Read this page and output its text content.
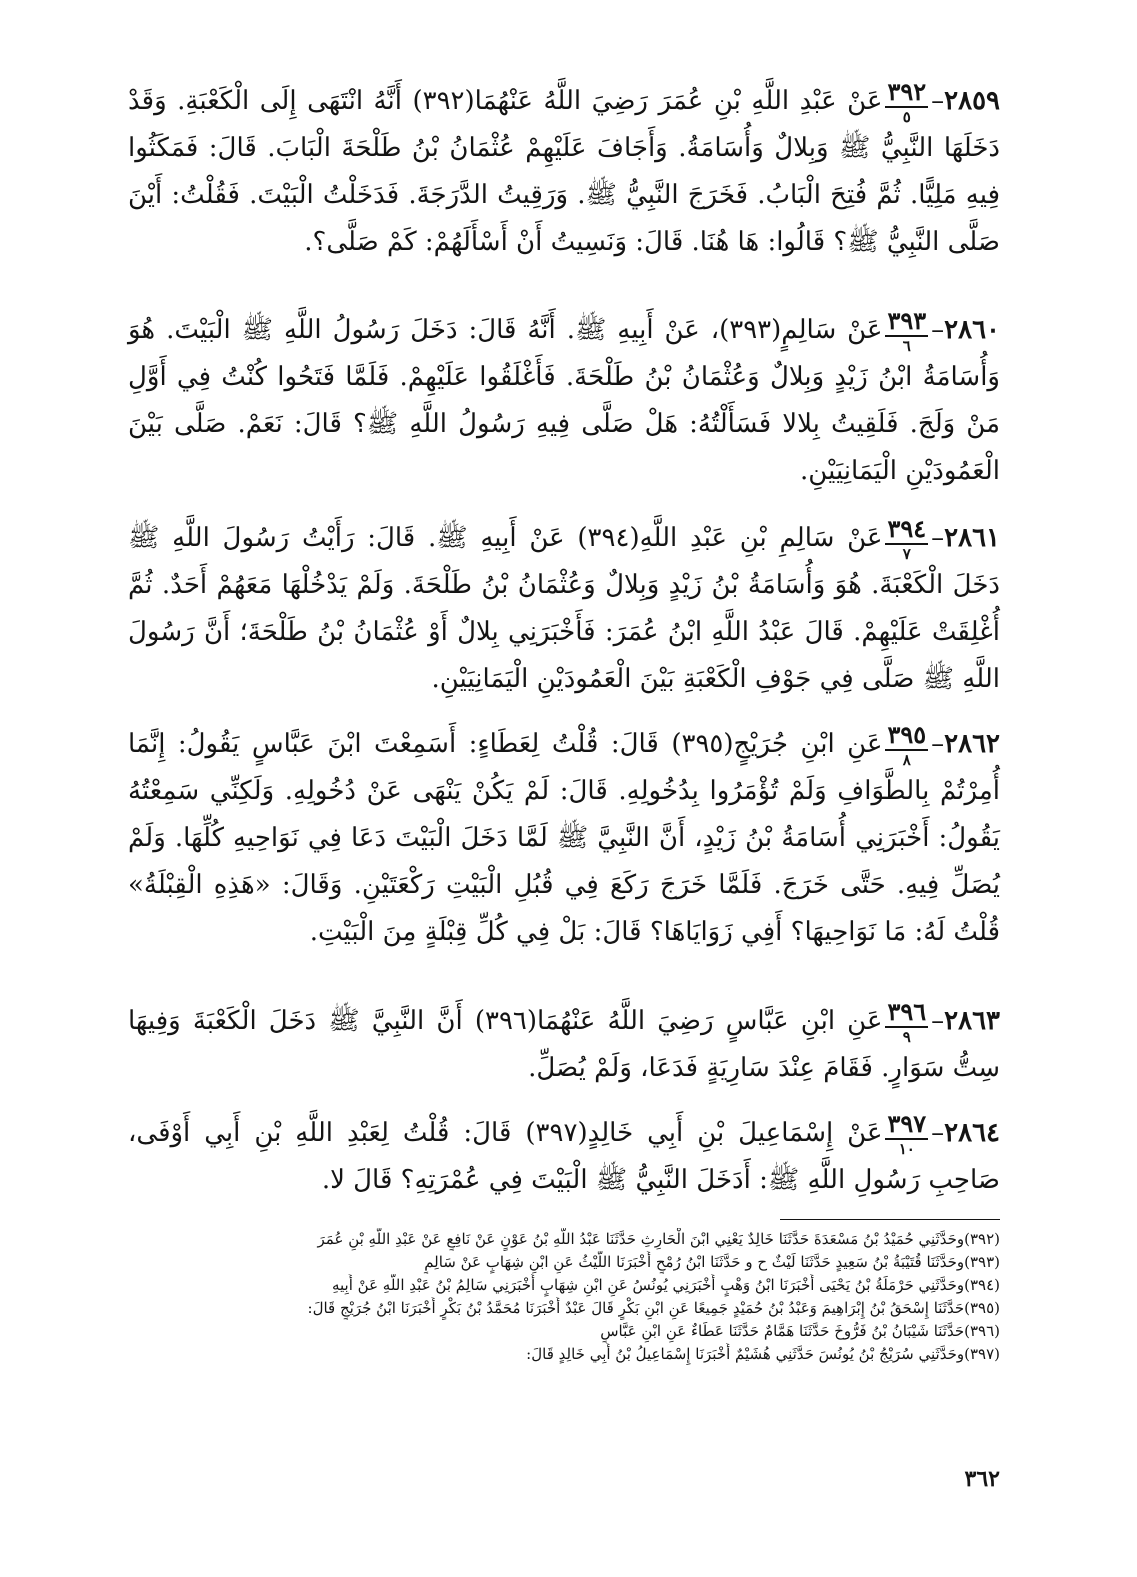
٢٨٥٩–
$\frac{٣٩٢}{٥}$
عَنْ عَبْدِ اللَّهِ بْنِ عُمَرَ رَضِيَ اللَّهُ عَنْهُمَا(٣٩٢) أَنَّهُ انْتَهَى إِلَى الْكَعْبَةِ. وَقَدْ دَخَلَهَا النَّبِيُّ ﷺ وَبِلالٌ وَأُسَامَةُ. وَأَجَافَ عَلَيْهِمْ عُثْمَانُ بْنُ طَلْحَةَ الْبَابَ. قَالَ: فَمَكَثُوا فِيهِ مَلِيًّا. ثُمَّ فُتِحَ الْبَابُ. فَخَرَجَ النَّبِيُّ ﷺ. وَرَقِيتُ الدَّرَجَةَ. فَدَخَلْتُ الْبَيْتَ. فَقُلْتُ: أَيْنَ صَلَّى النَّبِيُّ ﷺ؟ قَالُوا: هَا هُنَا. قَالَ: وَنَسِيتُ أَنْ أَسْأَلَهُمْ: كَمْ صَلَّى؟.
٢٨٦٠–
$\frac{٣٩٣}{٦}$
عَنْ سَالِمٍ(٣٩٣)، عَنْ أَبِيهِ ﷺ. أَنَّهُ قَالَ: دَخَلَ رَسُولُ اللَّهِ ﷺ الْبَيْتَ. هُوَ وَأُسَامَةُ ابْنُ زَيْدٍ وَبِلالٌ وَعُثْمَانُ بْنُ طَلْحَةَ. فَأَغْلَقُوا عَلَيْهِمْ. فَلَمَّا فَتَحُوا كُنْتُ فِي أَوَّلِ مَنْ وَلَجَ. فَلَقِيتُ بِلالا فَسَأَلْتُهُ: هَلْ صَلَّى فِيهِ رَسُولُ اللَّهِ ﷺ؟ قَالَ: نَعَمْ. صَلَّى بَيْنَ الْعَمُودَيْنِ الْيَمَانِيَيْنِ.
٢٨٦١–
$\frac{٣٩٤}{٧}$
عَنْ سَالِمِ بْنِ عَبْدِ اللَّهِ(٣٩٤) عَنْ أَبِيهِ ﷺ. قَالَ: رَأَيْتُ رَسُولَ اللَّهِ ﷺ دَخَلَ الْكَعْبَةَ. هُوَ وَأُسَامَةُ بْنُ زَيْدٍ وَبِلالٌ وَعُثْمَانُ بْنُ طَلْحَةَ. وَلَمْ يَدْخُلْهَا مَعَهُمْ أَحَدٌ. ثُمَّ أُغْلِقَتْ عَلَيْهِمْ. قَالَ عَبْدُ اللَّهِ ابْنُ عُمَرَ: فَأَخْبَرَنِي بِلالٌ أَوْ عُثْمَانُ بْنُ طَلْحَةَ؛ أَنَّ رَسُولَ اللَّهِ ﷺ صَلَّى فِي جَوْفِ الْكَعْبَةِ بَيْنَ الْعَمُودَيْنِ الْيَمَانِيَيْنِ.
٢٨٦٢–
$\frac{٣٩٥}{٨}$
عَنِ ابْنِ جُرَيْجٍ(٣٩٥) قَالَ: قُلْتُ لِعَطَاءٍ: أَسَمِعْتَ ابْنَ عَبَّاسٍ يَقُولُ: إِنَّمَا أُمِرْتُمْ بِالطَّوَافِ وَلَمْ تُؤْمَرُوا بِدُخُولِهِ. قَالَ: لَمْ يَكُنْ يَنْهَى عَنْ دُخُولِهِ. وَلَكِنِّي سَمِعْتُهُ يَقُولُ: أَخْبَرَنِي أُسَامَةُ بْنُ زَيْدٍ، أَنَّ النَّبِيَّ ﷺ لَمَّا دَخَلَ الْبَيْتَ دَعَا فِي نَوَاحِيهِ كُلِّهَا. وَلَمْ يُصَلِّ فِيهِ. حَتَّى خَرَجَ. فَلَمَّا خَرَجَ رَكَعَ فِي قُبُلِ الْبَيْتِ رَكْعَتَيْنِ. وَقَالَ: «هَذِهِ الْقِبْلَةُ» قُلْتُ لَهُ: مَا نَوَاحِيهَا؟ أَفِي زَوَايَاهَا؟ قَالَ: بَلْ فِي كُلِّ قِبْلَةٍ مِنَ الْبَيْتِ.
٢٨٦٣–
$\frac{٣٩٦}{٩}$
عَنِ ابْنِ عَبَّاسٍ رَضِيَ اللَّهُ عَنْهُمَا(٣٩٦) أَنَّ النَّبِيَّ ﷺ دَخَلَ الْكَعْبَةَ وَفِيهَا سِتُّ سَوَارٍ. فَقَامَ عِنْدَ سَارِيَةٍ فَدَعَا، وَلَمْ يُصَلِّ.
٢٨٦٤–
$\frac{٣٩٧}{١٠}$
عَنْ إِسْمَاعِيلَ بْنِ أَبِي خَالِدٍ(٣٩٧) قَالَ: قُلْتُ لِعَبْدِ اللَّهِ بْنِ أَبِي أَوْفَى، صَاحِبِ رَسُولِ اللَّهِ ﷺ: أَدَخَلَ النَّبِيُّ ﷺ الْبَيْتَ فِي عُمْرَتِهِ؟ قَالَ لا.
(٣٩٢)وحَدَّثَنِي حُمَيْدُ بْنُ مَسْعَدَةَ حَدَّثَنَا خَالِدٌ يَعْنِي ابْنَ الْحَارِثِ حَدَّثَنَا عَبْدُ اللَّهِ بْنُ عَوْنٍ عَنْ نَافِعٍ عَنْ عَبْدِ اللَّهِ بْنِ عُمَرَ
(٣٩٣)وحَدَّثَنَا قُتَيْبَةُ بْنُ سَعِيدٍ حَدَّثَنَا لَيْثٌ ح و حَدَّثَنَا ابْنُ رُمْحٍ أَخْبَرَنَا اللَّيْثُ عَنِ ابْنِ شِهَابٍ عَنْ سَالِمٍ
(٣٩٤)وحَدَّثَنِي حَرْمَلَةُ بْنُ يَحْيَى أَخْبَرَنَا ابْنُ وَهْبٍ أَخْبَرَنِي يُونُسُ عَنِ ابْنِ شِهَابٍ أَخْبَرَنِي سَالِمُ بْنُ عَبْدِ اللَّهِ عَنْ أَبِيهِ
(٣٩٥)حَدَّثَنَا إِسْحَقُ بْنُ إِبْرَاهِيمَ وَعَبْدُ بْنُ حُمَيْدٍ جَمِيعًا عَنِ ابْنِ بَكْرٍ قَالَ عَبْدٌ أَخْبَرَنَا مُحَمَّدُ بْنُ بَكْرٍ أَخْبَرَنَا ابْنُ جُرَيْجٍ قَالَ:
(٣٩٦)حَدَّثَنَا شَيْبَانُ بْنُ فَرُّوخَ حَدَّثَنَا هَمَّامٌ حَدَّثَنَا عَطَاءٌ عَنِ ابْنِ عَبَّاسٍ
(٣٩٧)وحَدَّثَنِي سُرَيْجُ بْنُ يُونُسَ حَدَّثَنِي هُشَيْمٌ أَخْبَرَنَا إِسْمَاعِيلُ بْنُ أَبِي خَالِدٍ قَالَ:
٣٦٢
